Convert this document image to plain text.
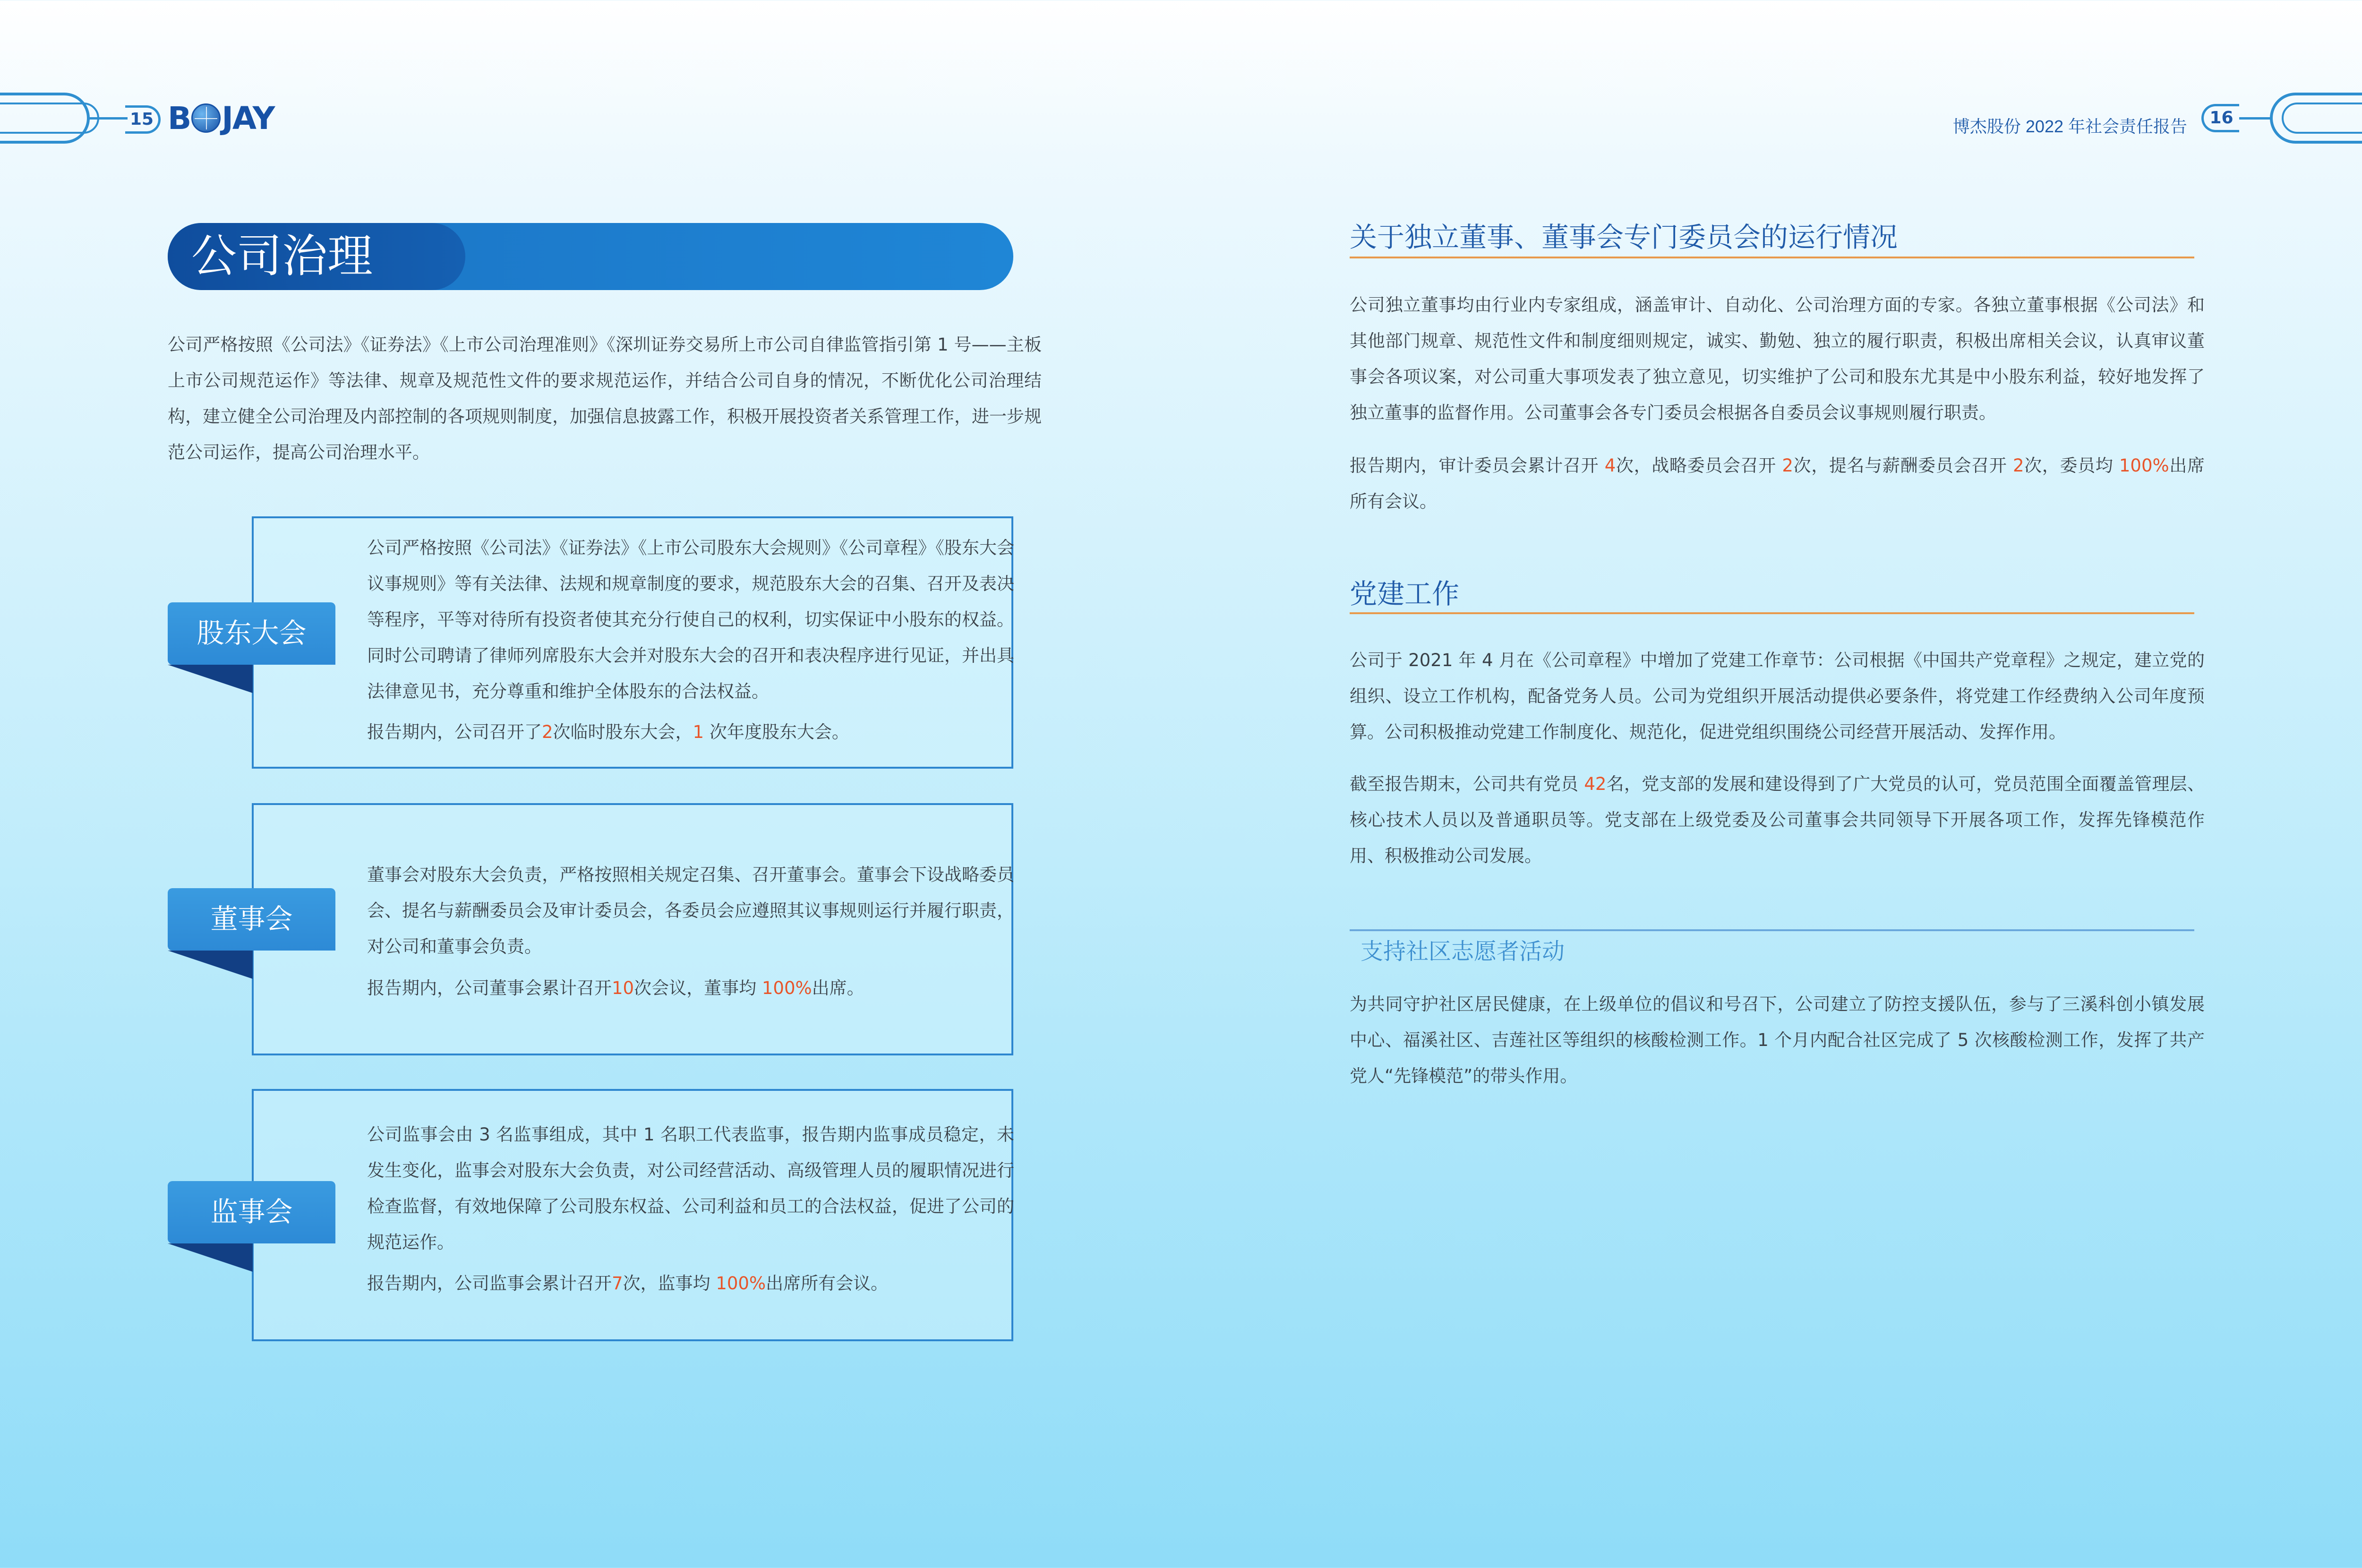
15 B JAY	博杰股份 2022 年社会责任报告	16
公司治理
公司严格按照《公司法》《证券法》《上市公司治理准则》《深圳证券交易所上市公司自律监管指引第 1 号——主板上市公司规范运作》等法律、规章及规范性文件的要求规范运作，并结合公司自身的情况，不断优化公司治理结构，建立健全公司治理及内部控制的各项规则制度，加强信息披露工作，积极开展投资者关系管理工作，进一步规范公司运作，提高公司治理水平。
公司严格按照《公司法》《证券法》《上市公司股东大会规则》《公司章程》《股东大会议事规则》等有关法律、法规和规章制度的要求，规范股东大会的召集、召开及表决等程序，平等对待所有投资者使其充分行使自己的权利，切实保证中小股东的权益。同时公司聘请了律师列席股东大会并对股东大会的召开和表决程序进行见证，并出具法律意见书，充分尊重和维护全体股东的合法权益。
报告期内，公司召开了2次临时股东大会，1 次年度股东大会。
股东大会
董事会对股东大会负责，严格按照相关规定召集、召开董事会。董事会下设战略委员会、提名与薪酬委员会及审计委员会，各委员会应遵照其议事规则运行并履行职责，对公司和董事会负责。
报告期内，公司董事会累计召开10次会议，董事均 100%出席。
董事会
公司监事会由 3 名监事组成，其中 1 名职工代表监事，报告期内监事成员稳定，未发生变化，监事会对股东大会负责，对公司经营活动、高级管理人员的履职情况进行检查监督，有效地保障了公司股东权益、公司利益和员工的合法权益，促进了公司的规范运作。
报告期内，公司监事会累计召开7次，监事均 100%出席所有会议。
监事会
关于独立董事、董事会专门委员会的运行情况
公司独立董事均由行业内专家组成，涵盖审计、自动化、公司治理方面的专家。各独立董事根据《公司法》和其他部门规章、规范性文件和制度细则规定，诚实、勤勉、独立的履行职责，积极出席相关会议，认真审议董事会各项议案，对公司重大事项发表了独立意见，切实维护了公司和股东尤其是中小股东利益，较好地发挥了独立董事的监督作用。公司董事会各专门委员会根据各自委员会议事规则履行职责。
报告期内，审计委员会累计召开 4次，战略委员会召开 2次，提名与薪酬委员会召开 2次，委员均 100%出席所有会议。
党建工作
公司于 2021 年 4 月在《公司章程》中增加了党建工作章节：公司根据《中国共产党章程》之规定，建立党的组织、设立工作机构，配备党务人员。公司为党组织开展活动提供必要条件，将党建工作经费纳入公司年度预算。公司积极推动党建工作制度化、规范化，促进党组织围绕公司经营开展活动、发挥作用。
截至报告期末，公司共有党员 42名，党支部的发展和建设得到了广大党员的认可，党员范围全面覆盖管理层、核心技术人员以及普通职员等。党支部在上级党委及公司董事会共同领导下开展各项工作，发挥先锋模范作用、积极推动公司发展。
支持社区志愿者活动
为共同守护社区居民健康，在上级单位的倡议和号召下，公司建立了防控支援队伍，参与了三溪科创小镇发展中心、福溪社区、吉莲社区等组织的核酸检测工作。1 个月内配合社区完成了 5 次核酸检测工作，发挥了共产党人“先锋模范”的带头作用。
